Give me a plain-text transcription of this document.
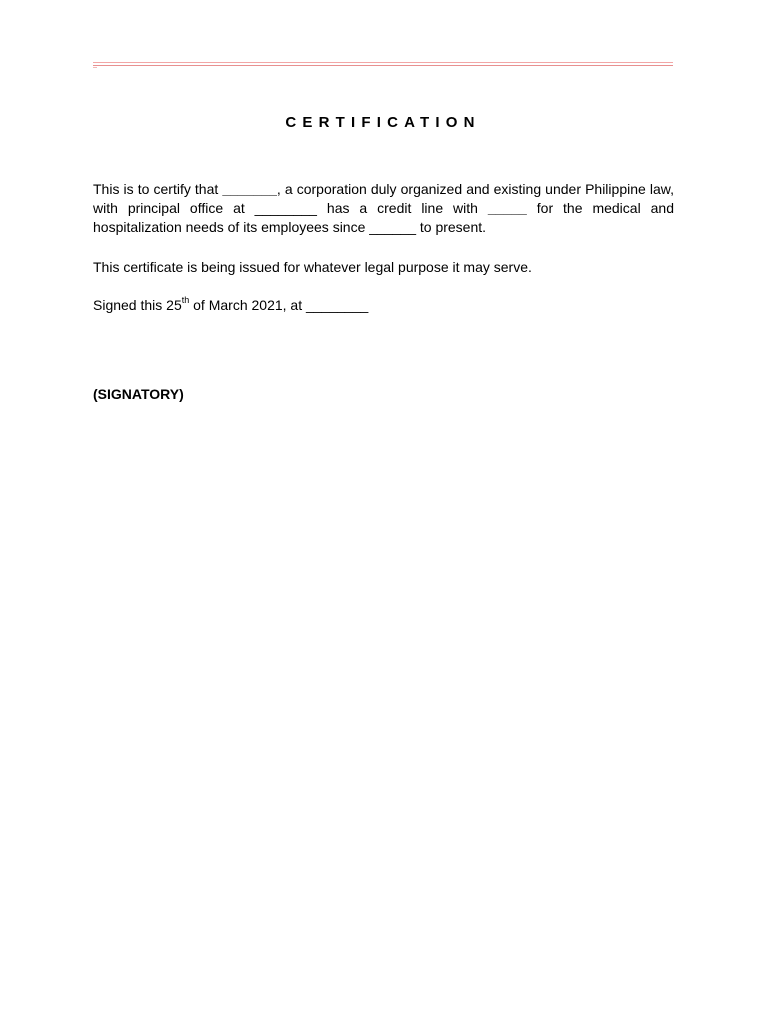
CERTIFICATION
This is to certify that _______, a corporation duly organized and existing under Philippine law, with principal office at ________ has a credit line with _____ for the medical and hospitalization needs of its employees since ______ to present.
This certificate is being issued for whatever legal purpose it may serve.
Signed this 25th of March 2021, at ________
(SIGNATORY)
